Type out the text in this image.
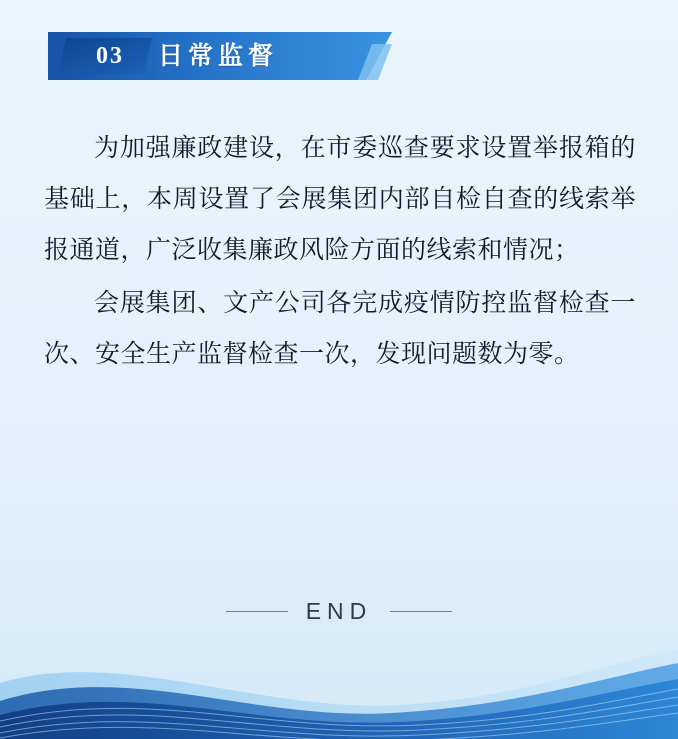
03	日常监督

为加强廉政建设，在市委巡查要求设置举报箱的基础上，本周设置了会展集团内部自检自查的线索举报通道，广泛收集廉政风险方面的线索和情况；

会展集团、文产公司各完成疫情防控监督检查一次、安全生产监督检查一次，发现问题数为零。

END
